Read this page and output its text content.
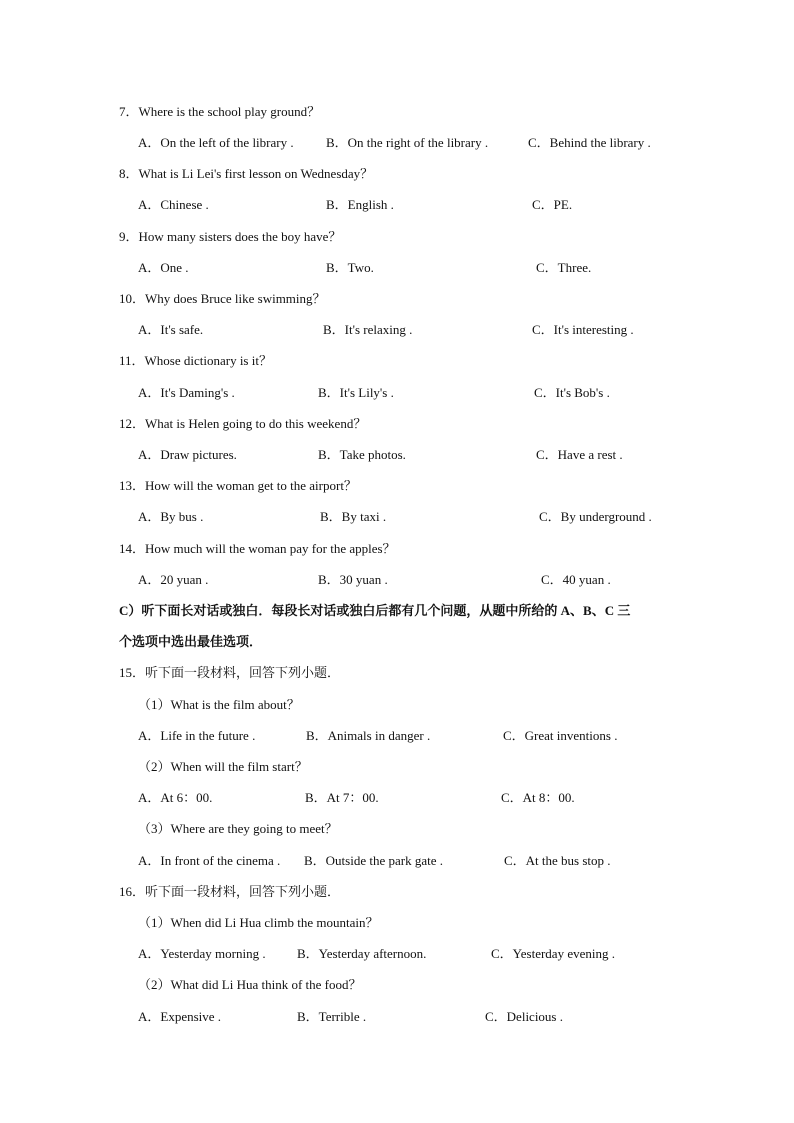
7．Where is the school play ground？
A．On the left of the library . B．On the right of the library .	C．Behind the library .
8．What is Li Lei's first lesson on Wednesday？
A．Chinese .	B．English .	C．PE.
9．How many sisters does the boy have？
A．One .	B．Two.	C．Three.
10．Why does Bruce like swimming？
A．It's safe.	B．It's relaxing .	C．It's interesting .
11．Whose dictionary is it？
A．It's Daming's .	B．It's Lily's .	C．It's Bob's .
12．What is Helen going to do this weekend？
A．Draw pictures.	B．Take photos.	C．Have a rest .
13．How will the woman get to the airport？
A．By bus .	B．By taxi .	C．By underground .
14．How much will the woman pay for the apples？
A．20 yuan .	B．30 yuan .	C．40 yuan .
C）听下面长对话或独白．每段长对话或独白后都有几个问题，从题中所给的 A、B、C 三
个选项中选出最佳选项．
15．听下面一段材料，回答下列小题．
（1）What is the film about？
A．Life in the future .	B．Animals in danger .	C．Great inventions .
（2）When will the film start？
A．At 6：00.	B．At 7：00.	C．At 8：00.
（3）Where are they going to meet？
A．In front of the cinema . B．Outside the park gate .	C．At the bus stop .
16．听下面一段材料，回答下列小题．
（1）When did Li Hua climb the mountain？
A．Yesterday morning . B．Yesterday afternoon.	C．Yesterday evening .
（2）What did Li Hua think of the food？
A．Expensive .	B．Terrible .	C．Delicious .
